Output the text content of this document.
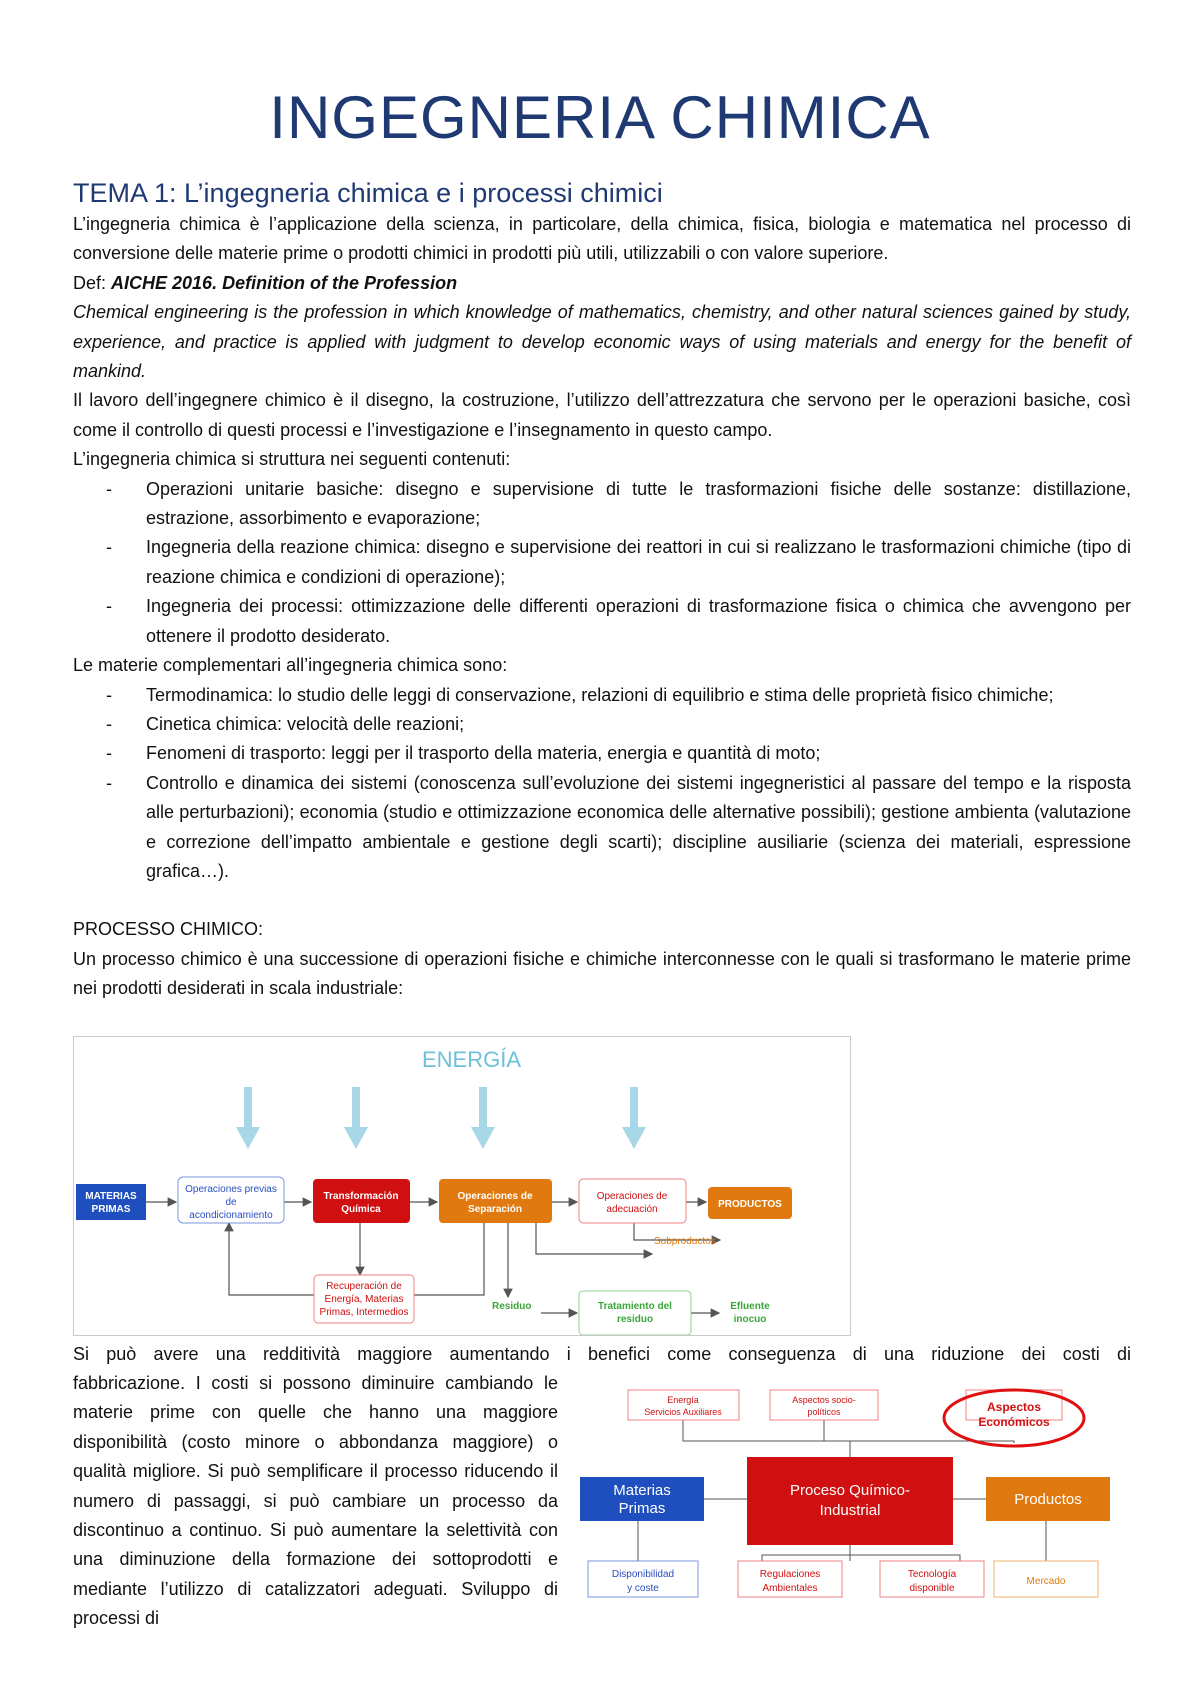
INGEGNERIA CHIMICA
TEMA 1: L’ingegneria chimica e i processi chimici
L’ingegneria chimica è l’applicazione della scienza, in particolare, della chimica, fisica, biologia e matematica nel processo di conversione delle materie prime o prodotti chimici in prodotti più utili, utilizzabili o con valore superiore.
Def: AICHE 2016. Definition of the Profession
Chemical engineering is the profession in which knowledge of mathematics, chemistry, and other natural sciences gained by study, experience, and practice is applied with judgment to develop economic ways of using materials and energy for the benefit of mankind.
Il lavoro dell’ingegnere chimico è il disegno, la costruzione, l’utilizzo dell’attrezzatura che servono per le operazioni basiche, così come il controllo di questi processi e l’investigazione e l’insegnamento in questo campo.
L’ingegneria chimica si struttura nei seguenti contenuti:
- Operazioni unitarie basiche: disegno e supervisione di tutte le trasformazioni fisiche delle sostanze: distillazione, estrazione, assorbimento e evaporazione;
- Ingegneria della reazione chimica: disegno e supervisione dei reattori in cui si realizzano le trasformazioni chimiche (tipo di reazione chimica e condizioni di operazione);
- Ingegneria dei processi: ottimizzazione delle differenti operazioni di trasformazione fisica o chimica che avvengono per ottenere il prodotto desiderato.
Le materie complementari all’ingegneria chimica sono:
- Termodinamica: lo studio delle leggi di conservazione, relazioni di equilibrio e stima delle proprietà fisico chimiche;
- Cinetica chimica: velocità delle reazioni;
- Fenomeni di trasporto: leggi per il trasporto della materia, energia e quantità di moto;
- Controllo e dinamica dei sistemi (conoscenza sull’evoluzione dei sistemi ingegneristici al passare del tempo e la risposta alle perturbazioni); economia (studio e ottimizzazione economica delle alternative possibili); gestione ambienta (valutazione e correzione dell’impatto ambientale e gestione degli scarti); discipline ausiliarie (scienza dei materiali, espressione grafica…).
PROCESSO CHIMICO:
Un processo chimico è una successione di operazioni fisiche e chimiche interconnesse con le quali si trasformano le materie prime nei prodotti desiderati in scala industriale:
ENERGÍA
MATERIAS
PRIMAS
Operaciones previas
de
acondicionamiento
Transformación
Química
Operaciones de
Separación
Operaciones de
adecuación	PRODUCTOS
Subproductos
Recuperación de
Energía, Materias
Primas, Intermedios
Residuo	Tratamiento del
residuo
Efluente
inocuo
Si può avere una redditività maggiore aumentando i benefici come conseguenza di una riduzione dei costi di
fabbricazione. I costi si possono diminuire cambiando le materie prime con quelle che hanno una maggiore disponibilità (costo minore o abbondanza maggiore) o qualità migliore. Si può semplificare il processo riducendo il numero di passaggi, si può cambiare un processo da discontinuo a continuo. Si può aumentare la selettività con una diminuzione della formazione dei sottoprodotti e mediante l’utilizzo di catalizzatori adeguati. Sviluppo di processi di
Energía
Servicios Auxiliares
Aspectos socio-
políticos	Aspectos
Económicos
Materias
Primas
Proceso Químico-
Industrial
Productos
Disponibilidad
y coste
Regulaciones
Ambientales
Tecnología
disponible
Mercado
